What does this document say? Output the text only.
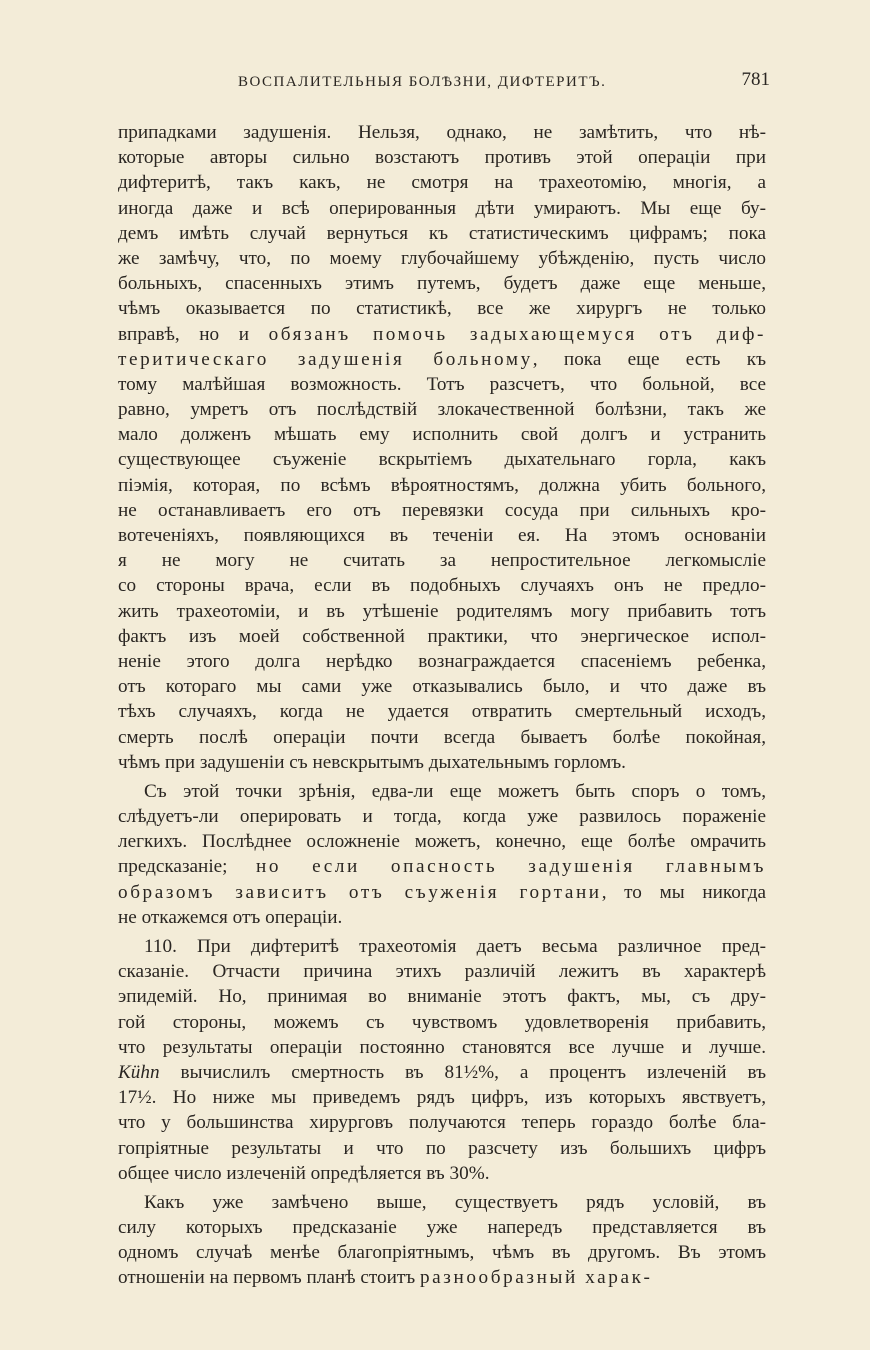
ВОСПАЛИТЕЛЬНЫЯ БОЛѢЗНИ, ДИФТЕРИТЪ.	781
припадками задушенія. Нельзя, однако, не замѣтить, что нѣ-
которые авторы сильно возстаютъ противъ этой операціи при
дифтеритѣ, такъ какъ, не смотря на трахеотомію, многія, а
иногда даже и всѣ оперированныя дѣти умираютъ. Мы еще бу-
демъ имѣть случай вернуться къ статистическимъ цифрамъ; пока
же замѣчу, что, по моему глубочайшему убѣжденію, пусть число
больныхъ, спасенныхъ этимъ путемъ, будетъ даже еще меньше,
чѣмъ оказывается по статистикѣ, все же хирургъ не только
вправѣ, но и обязанъ помочь задыхающемуся отъ диф-
теритическаго задушенія больному, пока еще есть къ
тому малѣйшая возможность. Тотъ разсчетъ, что больной, все
равно, умретъ отъ послѣдствій злокачественной болѣзни, такъ же
мало долженъ мѣшать ему исполнить свой долгъ и устранить
существующее съуженіе вскрытіемъ дыхательнаго горла, какъ
піэмія, которая, по всѣмъ вѣроятностямъ, должна убить больного,
не останавливаетъ его отъ перевязки сосуда при сильныхъ кро-
вотеченіяхъ, появляющихся въ теченіи ея. На этомъ основаніи
я не могу не считать за непростительное легкомысліе
со стороны врача, если въ подобныхъ случаяхъ онъ не предло-
жить трахеотоміи, и въ утѣшеніе родителямъ могу прибавить тотъ
фактъ изъ моей собственной практики, что энергическое испол-
неніе этого долга нерѣдко вознаграждается спасеніемъ ребенка,
отъ котораго мы сами уже отказывались было, и что даже въ
тѣхъ случаяхъ, когда не удается отвратить смертельный исходъ,
смерть послѣ операціи почти всегда бываетъ болѣе покойная,
чѣмъ при задушеніи съ невскрытымъ дыхательнымъ горломъ.
Съ этой точки зрѣнія, едва-ли еще можетъ быть споръ о томъ,
слѣдуетъ-ли оперировать и тогда, когда уже развилось пораженіе
легкихъ. Послѣднее осложненіе можетъ, конечно, еще болѣе омрачить
предсказаніе; но если опасность задушенія главнымъ
образомъ зависитъ отъ съуженія гортани, то мы никогда
не откажемся отъ операціи.
110. При дифтеритѣ трахеотомія даетъ весьма различное пред-
сказаніе. Отчасти причина этихъ различій лежитъ въ характерѣ
эпидемій. Но, принимая во вниманіе этотъ фактъ, мы, съ дру-
гой стороны, можемъ съ чувствомъ удовлетворенія прибавить,
что результаты операціи постоянно становятся все лучше и лучше.
Kühn вычислилъ смертность въ 81½%, а процентъ излеченій въ
17½. Но ниже мы приведемъ рядъ цифръ, изъ которыхъ явствуетъ,
что у большинства хирурговъ получаются теперь гораздо болѣе бла-
гопріятные результаты и что по разсчету изъ большихъ цифръ
общее число излеченій опредѣляется въ 30%.
Какъ уже замѣчено выше, существуетъ рядъ условій, въ
силу которыхъ предсказаніе уже напередъ представляется въ
одномъ случаѣ менѣе благопріятнымъ, чѣмъ въ другомъ. Въ этомъ
отношеніи на первомъ планѣ стоитъ разнообразный харак-
